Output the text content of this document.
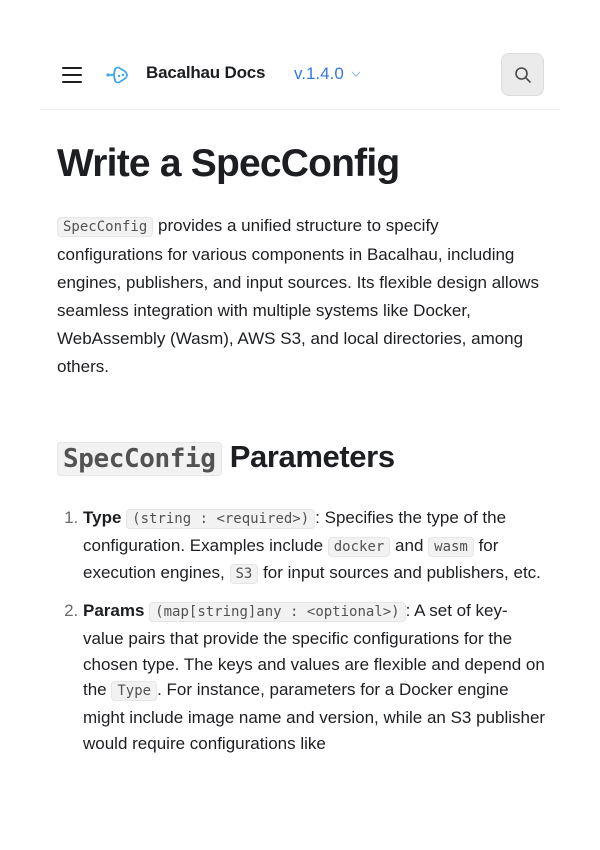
Bacalhau Docs v.1.4.0
Write a SpecConfig

SpecConfig provides a unified structure to specify configurations for various components in Bacalhau, including engines, publishers, and input sources. Its flexible design allows seamless integration with multiple systems like Docker, WebAssembly (Wasm), AWS S3, and local directories, among others.

SpecConfig Parameters
1. Type (string : <required>) : Specifies the type of the configuration. Examples include docker and wasm for execution engines, S3 for input sources and publishers, etc.
2. Params (map[string]any : <optional>) : A set of key-value pairs that provide the specific configurations for the chosen type. The keys and values are flexible and depend on the Type . For instance, parameters for a Docker engine might include image name and version, while an S3 publisher would require configurations like
